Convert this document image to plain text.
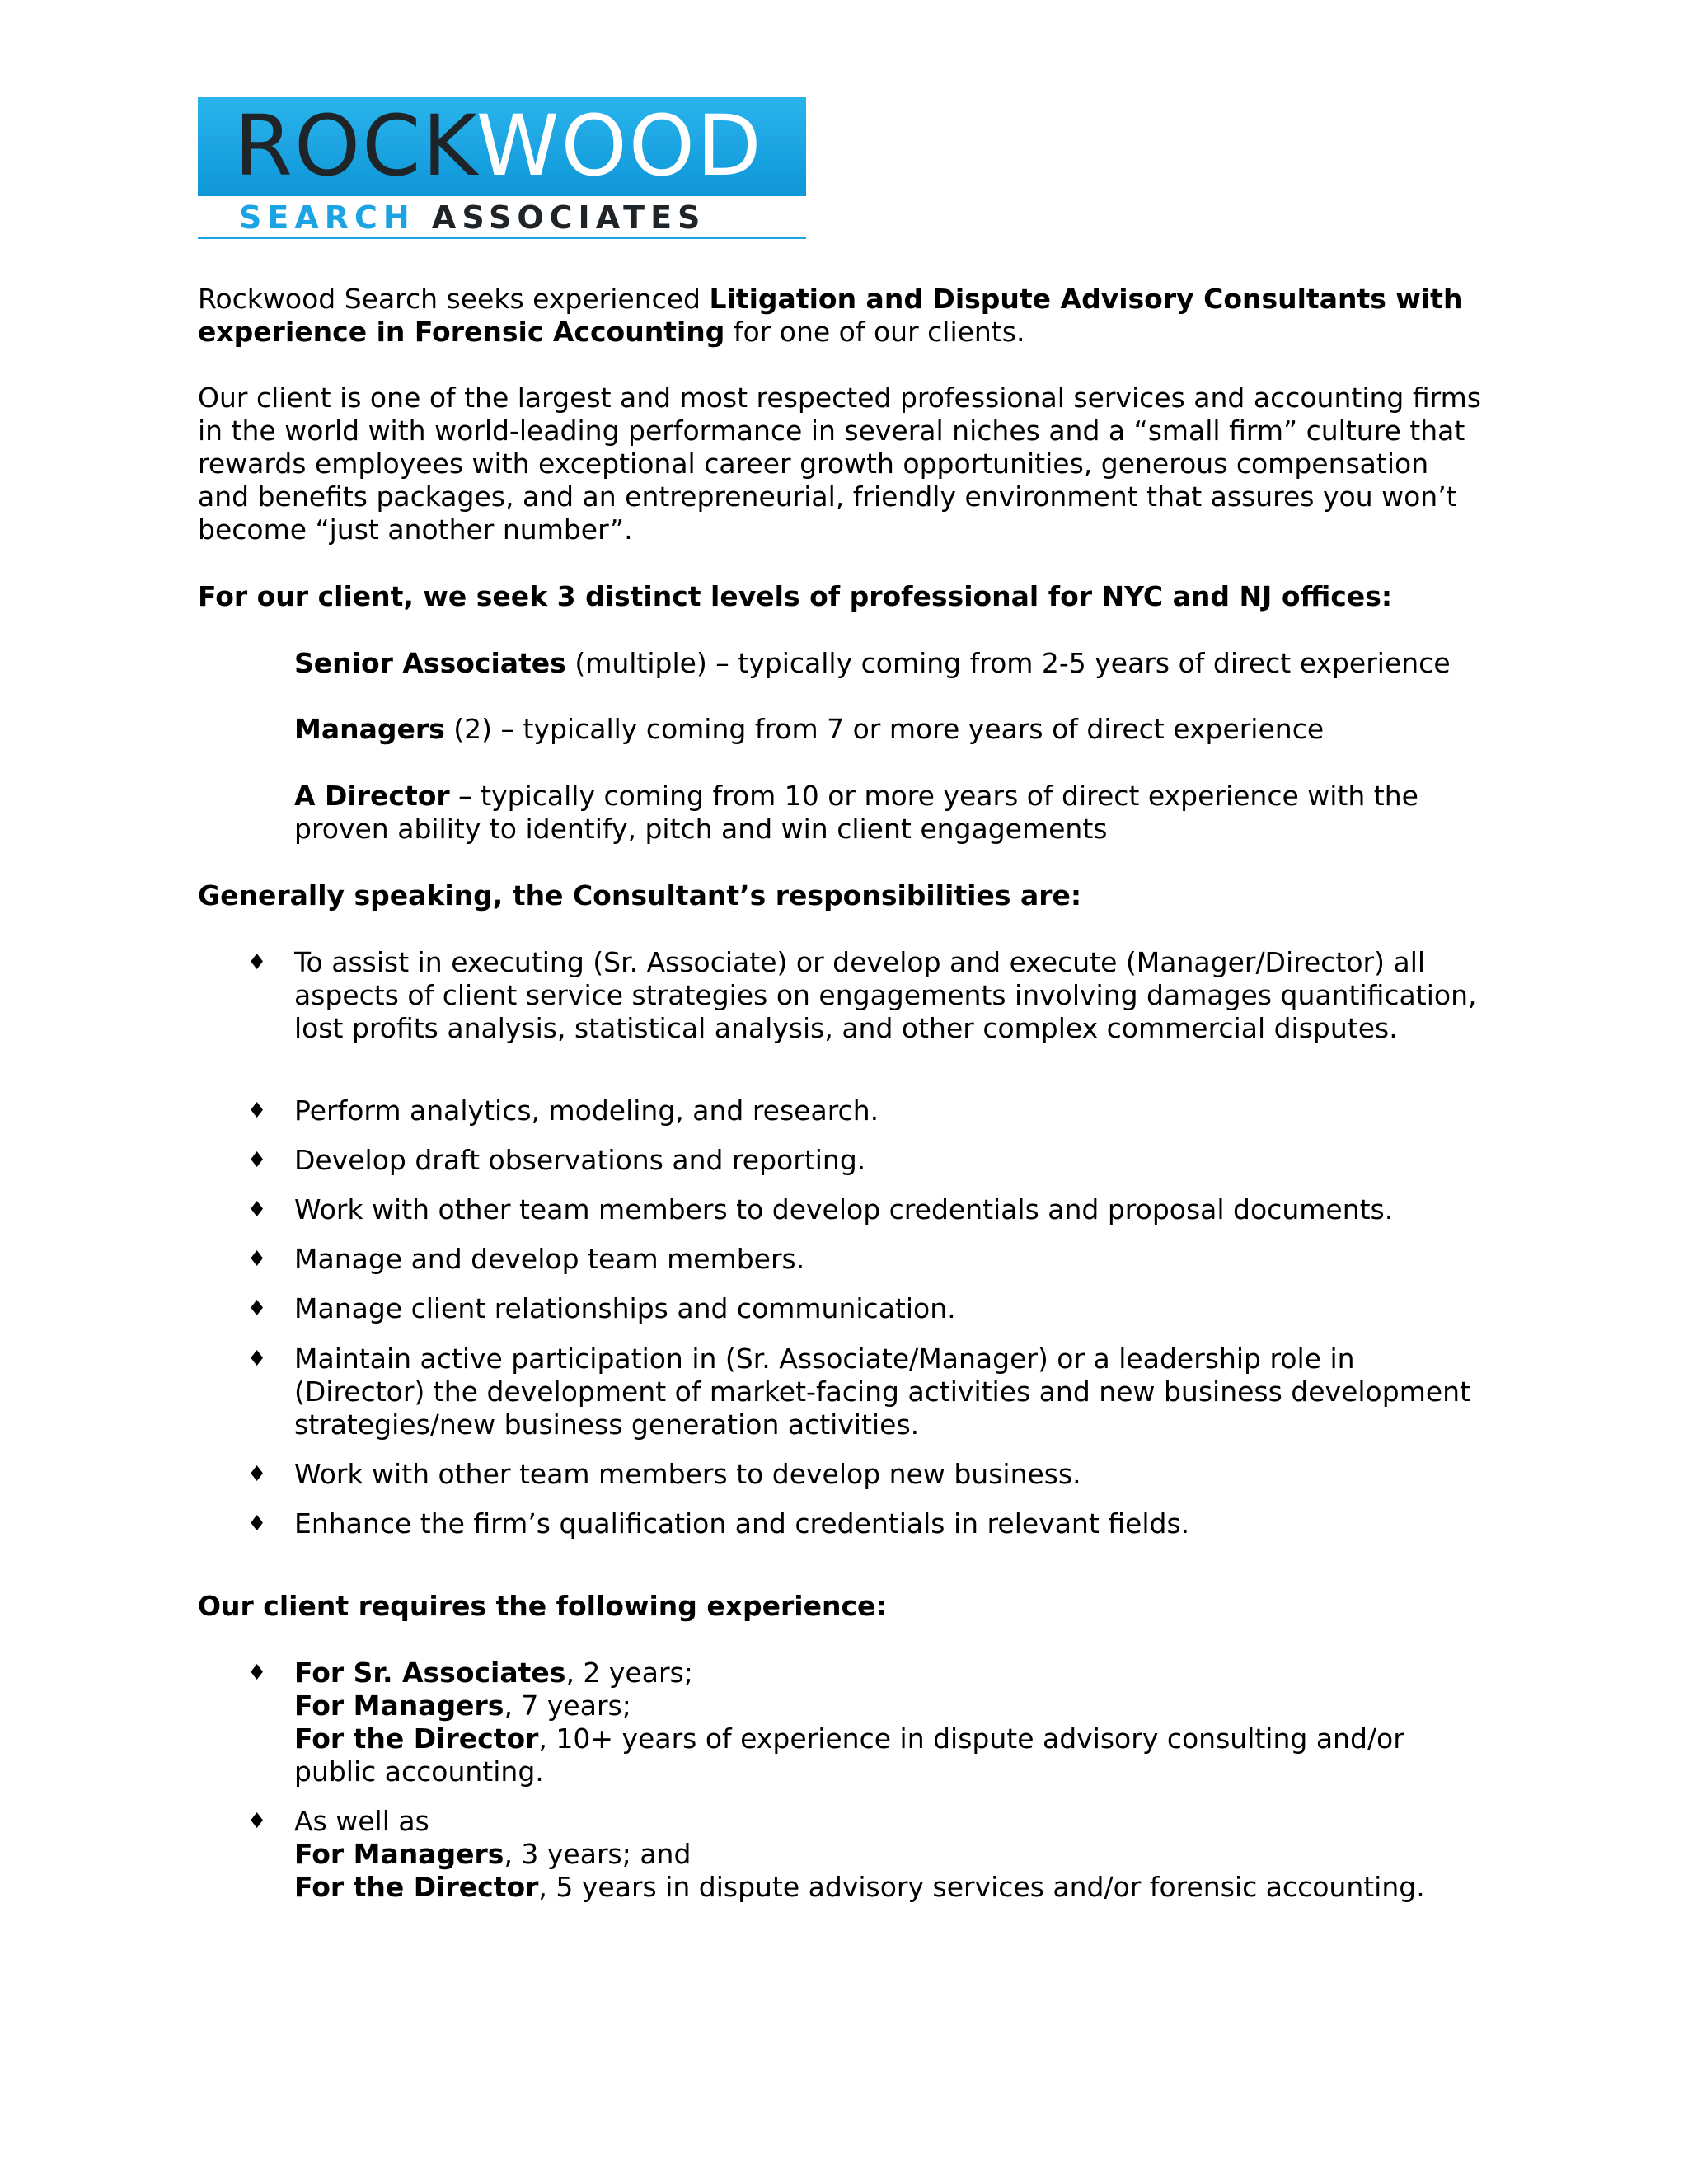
ROCKWOOD
SEARCH ASSOCIATES
Rockwood Search seeks experienced Litigation and Dispute Advisory Consultants with experience in Forensic Accounting for one of our clients.
Our client is one of the largest and most respected professional services and accounting firms in the world with world-leading performance in several niches and a “small firm” culture that rewards employees with exceptional career growth opportunities, generous compensation and benefits packages, and an entrepreneurial, friendly environment that assures you won’t become “just another number”.
For our client, we seek 3 distinct levels of professional for NYC and NJ offices:
Senior Associates (multiple) – typically coming from 2-5 years of direct experience
Managers (2) – typically coming from 7 or more years of direct experience
A Director – typically coming from 10 or more years of direct experience with the proven ability to identify, pitch and win client engagements
Generally speaking, the Consultant’s responsibilities are:
♦ To assist in executing (Sr. Associate) or develop and execute (Manager/Director) all aspects of client service strategies on engagements involving damages quantification, lost profits analysis, statistical analysis, and other complex commercial disputes.
♦ Perform analytics, modeling, and research.
♦ Develop draft observations and reporting.
♦ Work with other team members to develop credentials and proposal documents.
♦ Manage and develop team members.
♦ Manage client relationships and communication.
♦ Maintain active participation in (Sr. Associate/Manager) or a leadership role in (Director) the development of market-facing activities and new business development strategies/new business generation activities.
♦ Work with other team members to develop new business.
♦ Enhance the firm’s qualification and credentials in relevant fields.
Our client requires the following experience:
♦ For Sr. Associates, 2 years;
For Managers, 7 years;
For the Director, 10+ years of experience in dispute advisory consulting and/or public accounting.
♦ As well as
For Managers, 3 years; and
For the Director, 5 years in dispute advisory services and/or forensic accounting.
